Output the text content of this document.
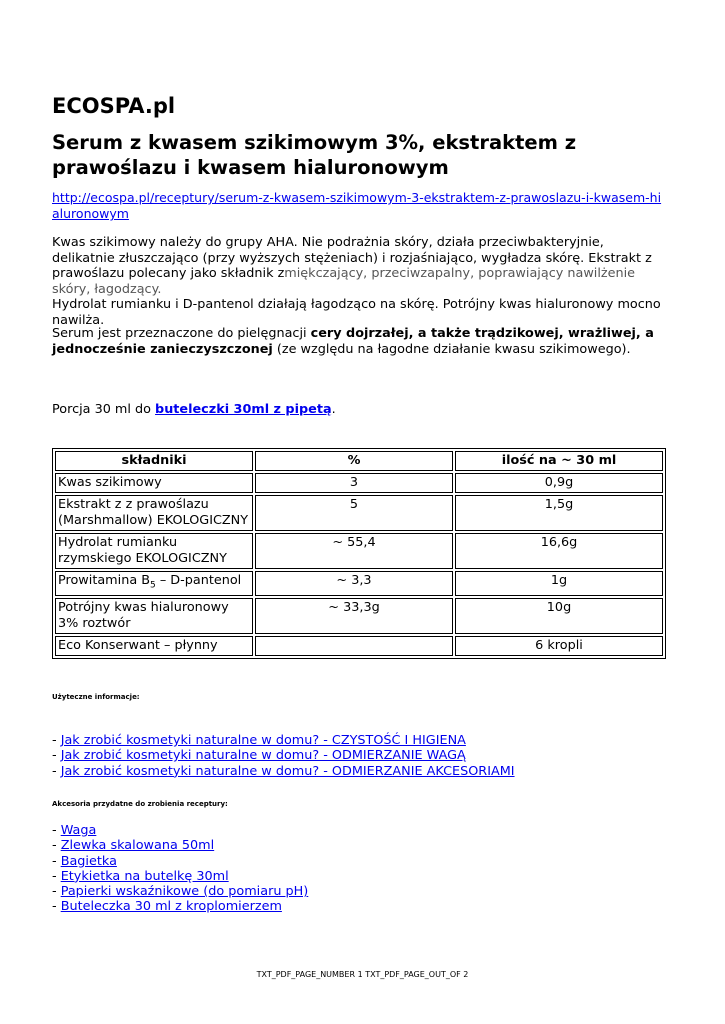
ECOSPA.pl
Serum z kwasem szikimowym 3%, ekstraktem z prawoślazu i kwasem hialuronowym
http://ecospa.pl/receptury/serum-z-kwasem-szikimowym-3-ekstraktem-z-prawoslazu-i-kwasem-hialuronowym

Kwas szikimowy należy do grupy AHA. Nie podrażnia skóry, działa przeciwbakteryjnie, delikatnie złuszczająco (przy wyższych stężeniach) i rozjaśniająco, wygładza skórę. Ekstrakt z prawoślazu polecany jako składnik zmiękczający, przeciwzapalny, poprawiający nawilżenie skóry, łagodzący.
Hydrolat rumianku i D-pantenol działają łagodząco na skórę. Potrójny kwas hialuronowy mocno nawilża.

Serum jest przeznaczone do pielęgnacji cery dojrzałej, a także trądzikowej, wrażliwej, a jednocześnie zanieczyszczonej (ze względu na łagodne działanie kwasu szikimowego).

Porcja 30 ml do buteleczki 30ml z pipetą.

składniki	%	ilość na ~ 30 ml
Kwas szikimowy	3	0,9g
Ekstrakt z z prawoślazu (Marshmallow) EKOLOGICZNY	5	1,5g
Hydrolat rumianku rzymskiego EKOLOGICZNY	~ 55,4	16,6g
Prowitamina $B_5$ – D-pantenol	~ 3,3	1g
Potrójny kwas hialuronowy 3% roztwór	~ 33,3g	10g
Eco Konserwant – płynny		6 kropli
Użyteczne informacje:
- Jak zrobić kosmetyki naturalne w domu? - CZYSTOŚĆ I HIGIENA
- Jak zrobić kosmetyki naturalne w domu? - ODMIERZANIE WAGĄ
- Jak zrobić kosmetyki naturalne w domu? - ODMIERZANIE AKCESORIAMI
Akcesoria przydatne do zrobienia receptury:
- Waga
- Zlewka skalowana 50ml
- Bagietka
- Etykietka na butelkę 30ml
- Papierki wskaźnikowe (do pomiaru pH)
- Buteleczka 30 ml z kroplomierzem
TXT_PDF_PAGE_NUMBER 1 TXT_PDF_PAGE_OUT_OF 2
